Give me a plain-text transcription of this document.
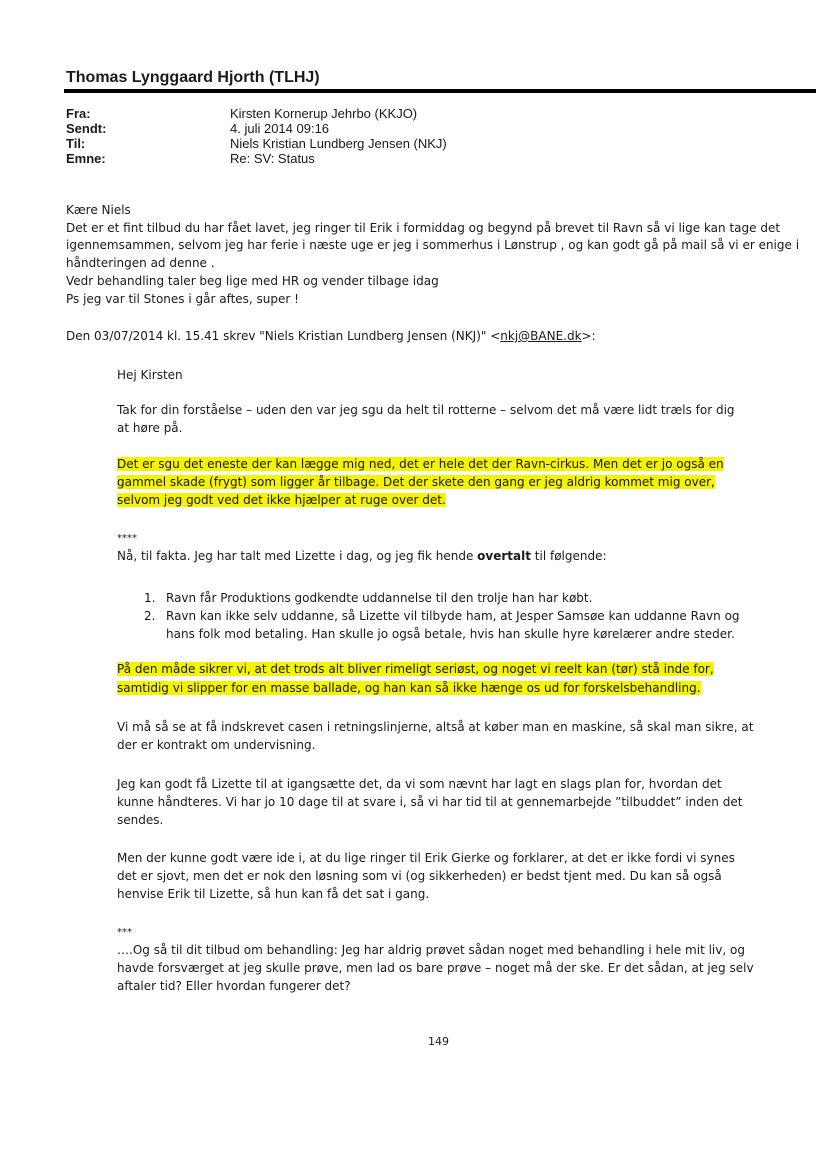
Thomas Lynggaard Hjorth (TLHJ)
Fra:	Kirsten Kornerup Jehrbo (KKJO)
Sendt:	4. juli 2014 09:16
Til:	Niels Kristian Lundberg Jensen (NKJ)
Emne:	Re: SV: Status
Kære Niels
Det er et fint tilbud du har fået lavet, jeg ringer til Erik i formiddag og begynd på brevet til Ravn så vi lige kan tage det
igennemsammen, selvom jeg har ferie i næste uge er jeg i sommerhus i Lønstrup , og kan godt gå på mail så vi er enige i
håndteringen ad denne .
Vedr behandling taler beg lige med HR og vender tilbage idag
Ps jeg var til Stones i går aftes, super !
Den 03/07/2014 kl. 15.41 skrev "Niels Kristian Lundberg Jensen (NKJ)" <nkj@BANE.dk>:
Hej Kirsten
Tak for din forståelse – uden den var jeg sgu da helt til rotterne – selvom det må være lidt træls for dig
at høre på.
Det er sgu det eneste der kan lægge mig ned, det er hele det der Ravn-cirkus. Men det er jo også en
gammel skade (frygt) som ligger år tilbage. Det der skete den gang er jeg aldrig kommet mig over,
selvom jeg godt ved det ikke hjælper at ruge over det.
****
Nå, til fakta. Jeg har talt med Lizette i dag, og jeg fik hende overtalt til følgende:
1. Ravn får Produktions godkendte uddannelse til den trolje han har købt.
2. Ravn kan ikke selv uddanne, så Lizette vil tilbyde ham, at Jesper Samsøe kan uddanne Ravn og
hans folk mod betaling. Han skulle jo også betale, hvis han skulle hyre kørelærer andre steder.
På den måde sikrer vi, at det trods alt bliver rimeligt seriøst, og noget vi reelt kan (tør) stå inde for,
samtidig vi slipper for en masse ballade, og han kan så ikke hænge os ud for forskelsbehandling.
Vi må så se at få indskrevet casen i retningslinjerne, altså at køber man en maskine, så skal man sikre, at
der er kontrakt om undervisning.
Jeg kan godt få Lizette til at igangsætte det, da vi som nævnt har lagt en slags plan for, hvordan det
kunne håndteres. Vi har jo 10 dage til at svare i, så vi har tid til at gennemarbejde ”tilbuddet” inden det
sendes.
Men der kunne godt være ide i, at du lige ringer til Erik Gierke og forklarer, at det er ikke fordi vi synes
det er sjovt, men det er nok den løsning som vi (og sikkerheden) er bedst tjent med. Du kan så også
henvise Erik til Lizette, så hun kan få det sat i gang.
***
….Og så til dit tilbud om behandling: Jeg har aldrig prøvet sådan noget med behandling i hele mit liv, og
havde forsværget at jeg skulle prøve, men lad os bare prøve – noget må der ske. Er det sådan, at jeg selv
aftaler tid? Eller hvordan fungerer det?
149
